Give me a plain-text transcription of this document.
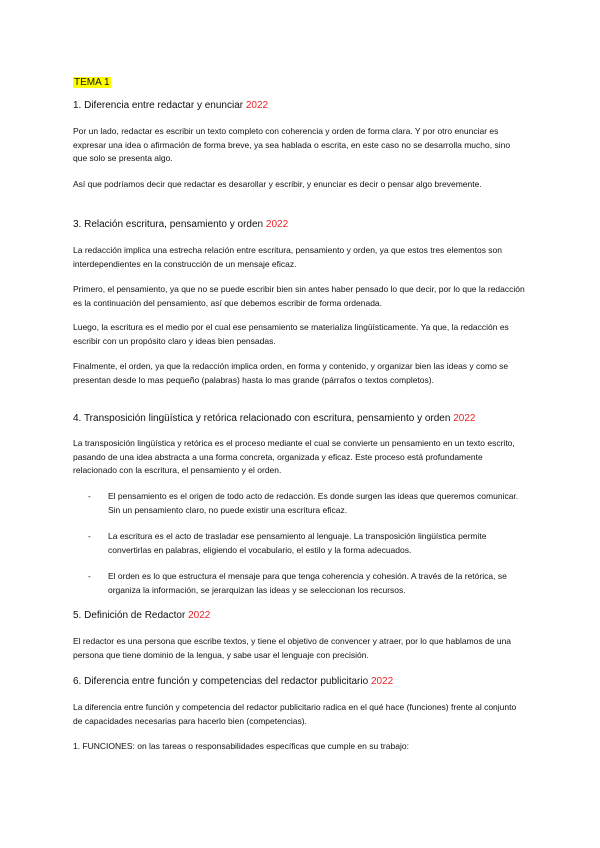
TEMA 1
1. Diferencia entre redactar y enunciar 2022

Por un lado, redactar es escribir un texto completo con coherencia y orden de forma clara. Y por otro enunciar es expresar una idea o afirmación de forma breve, ya sea hablada o escrita, en este caso no se desarrolla mucho, sino que solo se presenta algo.

Así que podríamos decir que redactar es desarollar y escribir, y enunciar es decir o pensar algo brevemente.

3. Relación escritura, pensamiento y orden 2022

La redacción implica una estrecha relación entre escritura, pensamiento y orden, ya que estos tres elementos son interdependientes en la construcción de un mensaje eficaz.

Primero, el pensamiento, ya que no se puede escribir bien sin antes haber pensado lo que decir, por lo que la redacción es la continuación del pensamiento, así que debemos escribir de forma ordenada.

Luego, la escritura es el medio por el cual ese pensamiento se materializa lingüísticamente. Ya que, la redacción es escribir con un propósito claro y ideas bien pensadas.

Finalmente, el orden, ya que la redacción implica orden, en forma y contenido, y organizar bien las ideas y como se presentan desde lo mas pequeño (palabras) hasta lo mas grande (párrafos o textos completos).

4. Transposición lingüística y retórica relacionado con escritura, pensamiento y orden 2022

La transposición lingüística y retórica es el proceso mediante el cual se convierte un pensamiento en un texto escrito, pasando de una idea abstracta a una forma concreta, organizada y eficaz. Este proceso está profundamente relacionado con la escritura, el pensamiento y el orden.

- El pensamiento es el origen de todo acto de redacción. Es donde surgen las ideas que queremos comunicar. Sin un pensamiento claro, no puede existir una escritura eficaz.
- La escritura es el acto de trasladar ese pensamiento al lenguaje. La transposición lingüística permite convertirlas en palabras, eligiendo el vocabulario, el estilo y la forma adecuados.
- El orden es lo que estructura el mensaje para que tenga coherencia y cohesión. A través de la retórica, se organiza la información, se jerarquizan las ideas y se seleccionan los recursos.
5. Definición de Redactor 2022

El redactor es una persona que escribe textos, y tiene el objetivo de convencer y atraer, por lo que hablamos de una persona que tiene dominio de la lengua, y sabe usar el lenguaje con precisión.

6. Diferencia entre función y competencias del redactor publicitario 2022

La diferencia entre función y competencia del redactor publicitario radica en el qué hace (funciones) frente al conjunto de capacidades necesarias para hacerlo bien (competencias).

1. FUNCIONES: on las tareas o responsabilidades específicas que cumple en su trabajo:
